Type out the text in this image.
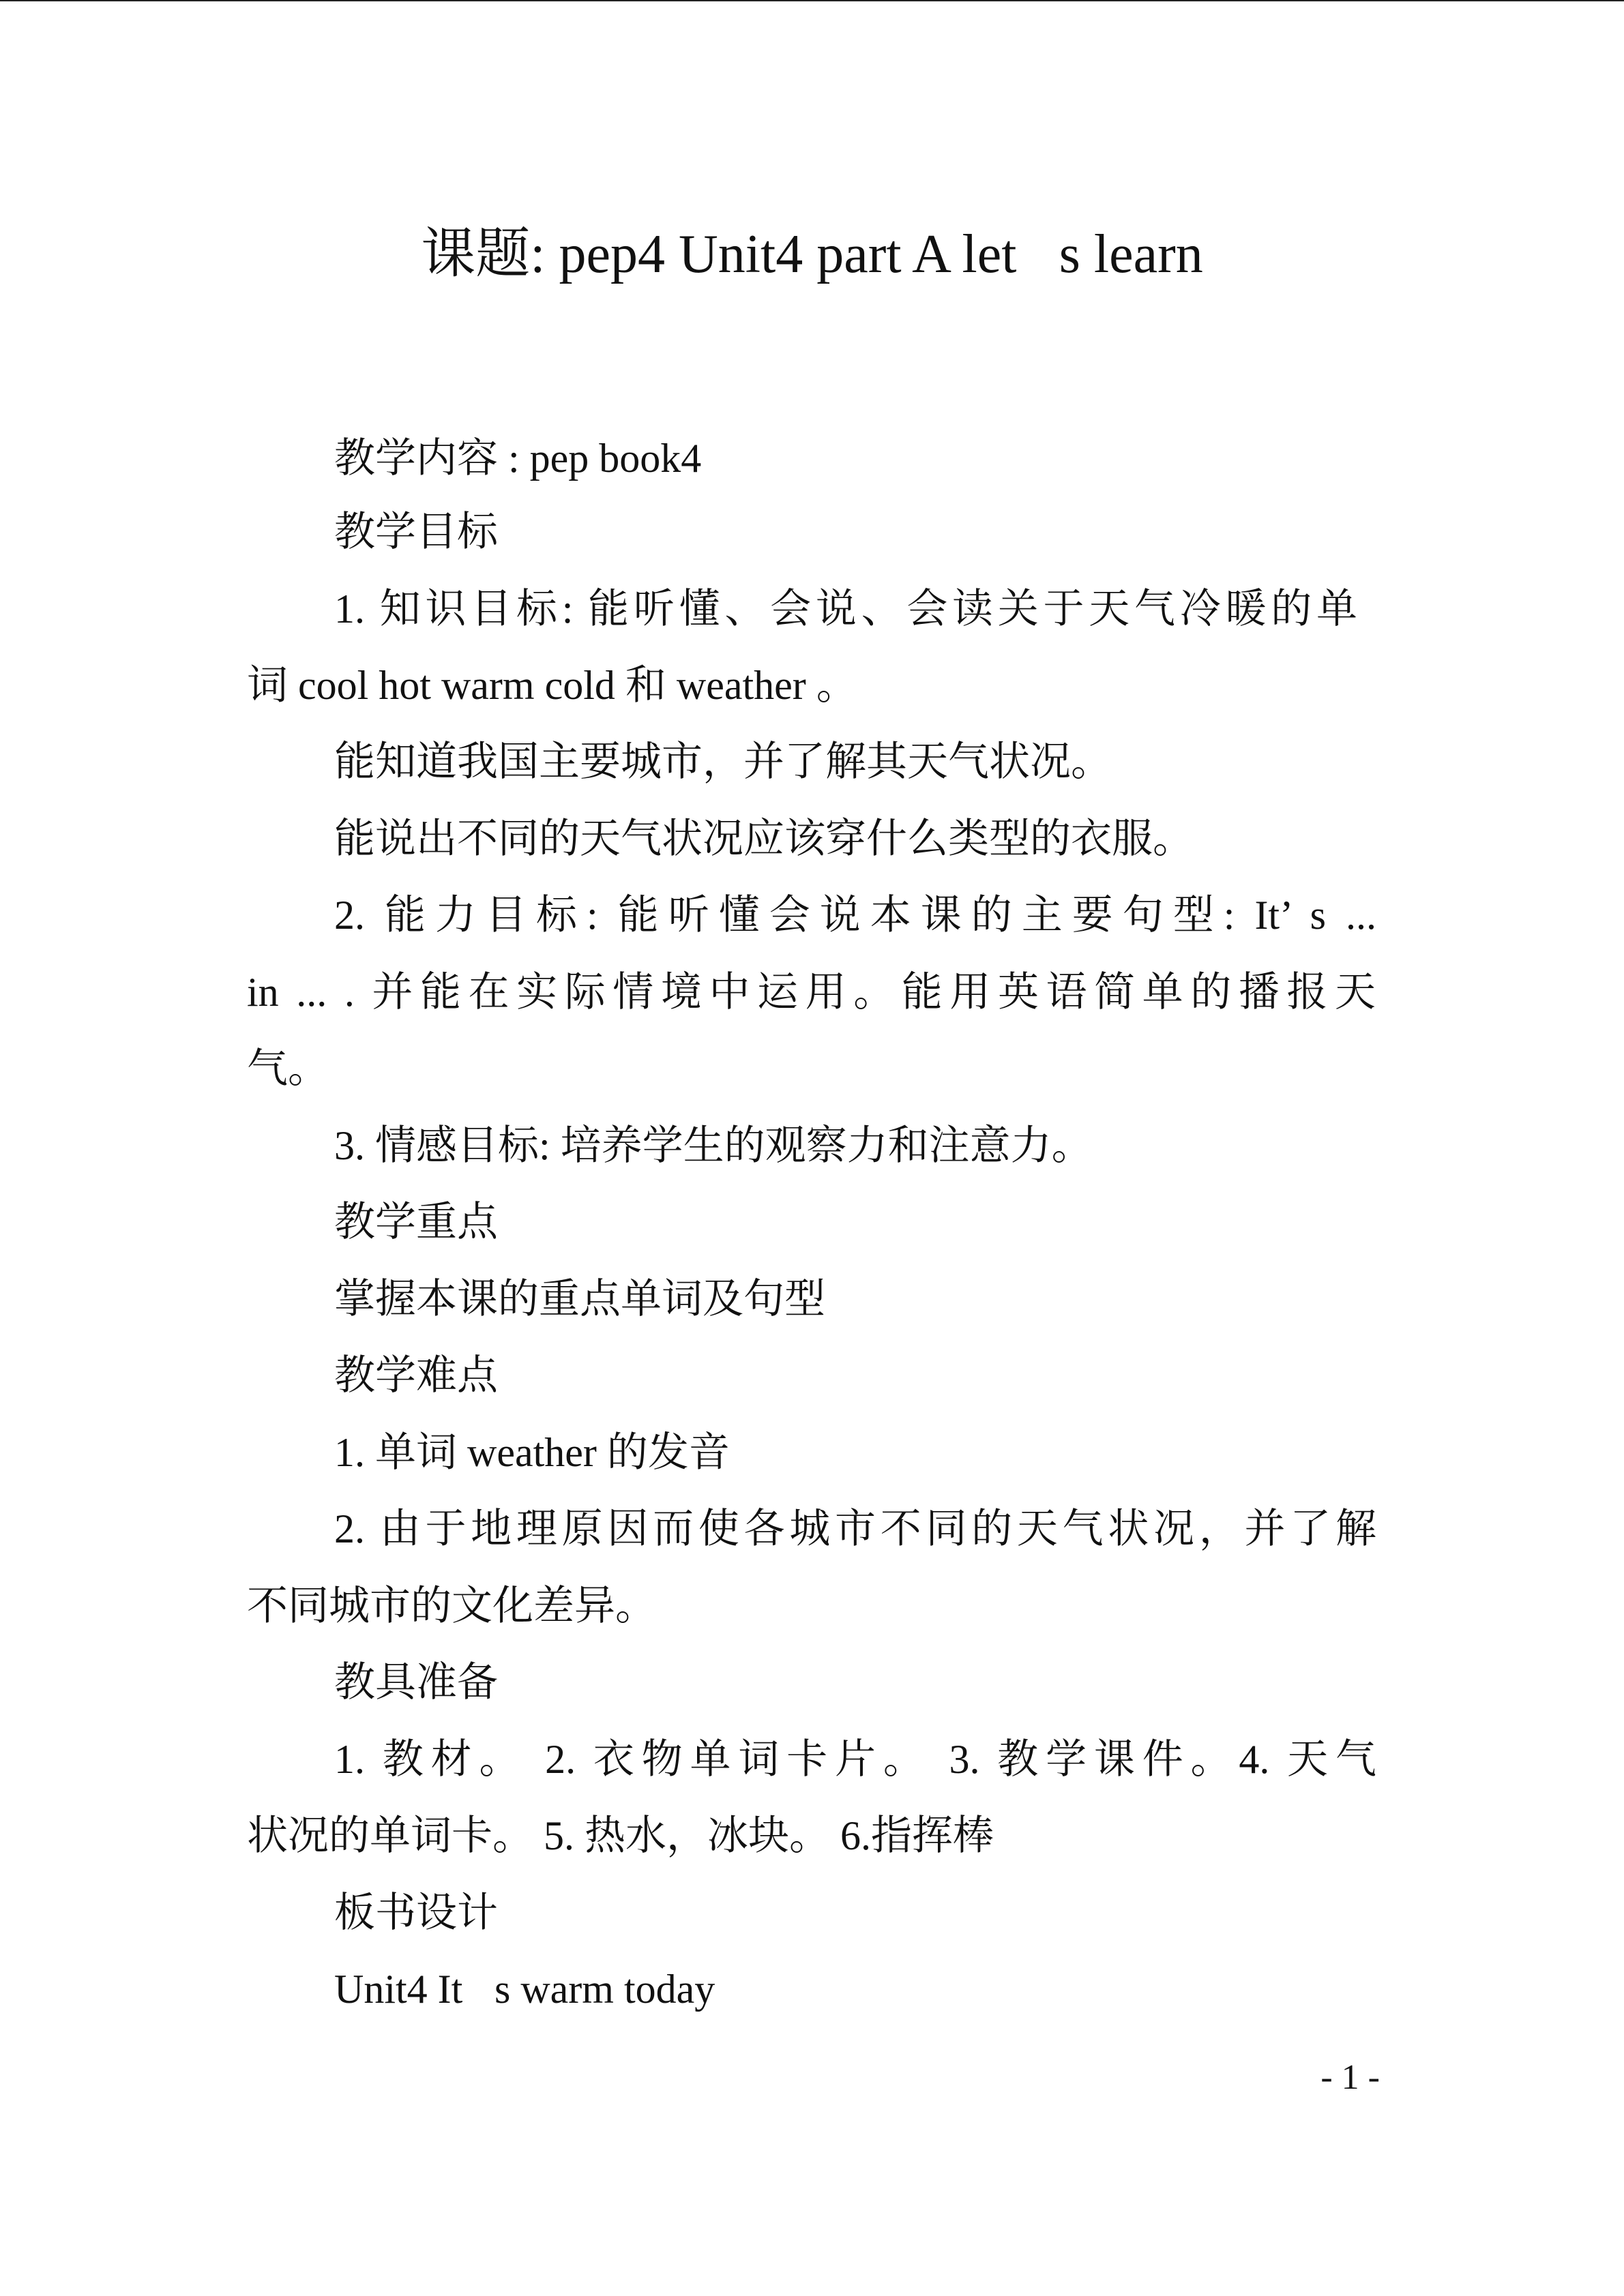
课题: pep4 Unit4 part A let s learn
教学内容 : pep book4
教学目标
1. 知识目标: 能听懂、会说、会读关于天气冷暖的单
词 cool hot warm cold 和 weather 。
能知道我国主要城市，并了解其天气状况。
能说出不同的天气状况应该穿什么类型的衣服。
2. 能力目标: 能听懂会说本课的主要句型: It’ s ...
in ... . 并能在实际情境中运用。能用英语简单的播报天
气。
3. 情感目标: 培养学生的观察力和注意力。
教学重点
掌握本课的重点单词及句型
教学难点
1. 单词 weather 的发音
2. 由于地理原因而使各城市不同的天气状况，并了解
不同城市的文化差异。
教具准备
1. 教材。 2. 衣物单词卡片。 3. 教学课件。4. 天气
状况的单词卡。 5. 热水，冰块。 6.指挥棒
板书设计
Unit4 It s warm today
- 1 -
